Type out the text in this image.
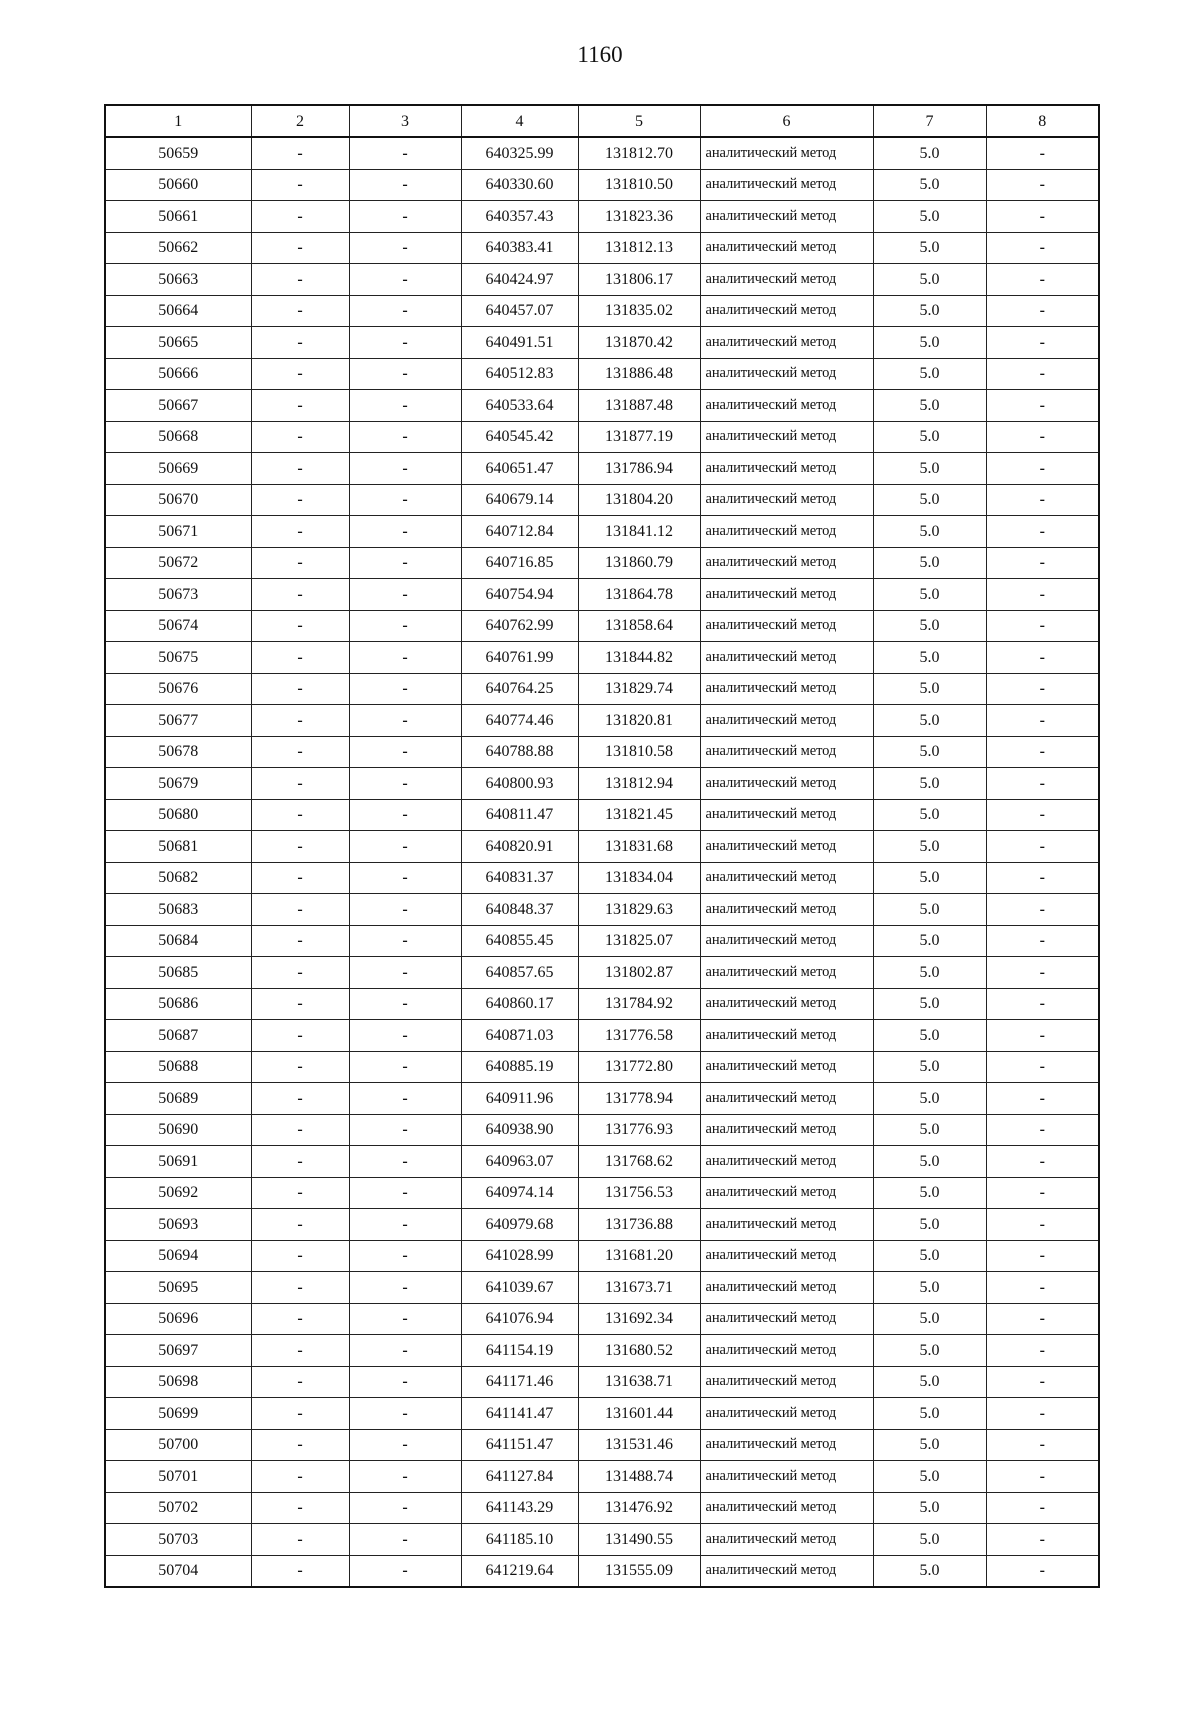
1160
1	2	3	4	5	6	7	8
50659	-	-	640325.99	131812.70	аналитический метод	5.0	-
50660	-	-	640330.60	131810.50	аналитический метод	5.0	-
50661	-	-	640357.43	131823.36	аналитический метод	5.0	-
50662	-	-	640383.41	131812.13	аналитический метод	5.0	-
50663	-	-	640424.97	131806.17	аналитический метод	5.0	-
50664	-	-	640457.07	131835.02	аналитический метод	5.0	-
50665	-	-	640491.51	131870.42	аналитический метод	5.0	-
50666	-	-	640512.83	131886.48	аналитический метод	5.0	-
50667	-	-	640533.64	131887.48	аналитический метод	5.0	-
50668	-	-	640545.42	131877.19	аналитический метод	5.0	-
50669	-	-	640651.47	131786.94	аналитический метод	5.0	-
50670	-	-	640679.14	131804.20	аналитический метод	5.0	-
50671	-	-	640712.84	131841.12	аналитический метод	5.0	-
50672	-	-	640716.85	131860.79	аналитический метод	5.0	-
50673	-	-	640754.94	131864.78	аналитический метод	5.0	-
50674	-	-	640762.99	131858.64	аналитический метод	5.0	-
50675	-	-	640761.99	131844.82	аналитический метод	5.0	-
50676	-	-	640764.25	131829.74	аналитический метод	5.0	-
50677	-	-	640774.46	131820.81	аналитический метод	5.0	-
50678	-	-	640788.88	131810.58	аналитический метод	5.0	-
50679	-	-	640800.93	131812.94	аналитический метод	5.0	-
50680	-	-	640811.47	131821.45	аналитический метод	5.0	-
50681	-	-	640820.91	131831.68	аналитический метод	5.0	-
50682	-	-	640831.37	131834.04	аналитический метод	5.0	-
50683	-	-	640848.37	131829.63	аналитический метод	5.0	-
50684	-	-	640855.45	131825.07	аналитический метод	5.0	-
50685	-	-	640857.65	131802.87	аналитический метод	5.0	-
50686	-	-	640860.17	131784.92	аналитический метод	5.0	-
50687	-	-	640871.03	131776.58	аналитический метод	5.0	-
50688	-	-	640885.19	131772.80	аналитический метод	5.0	-
50689	-	-	640911.96	131778.94	аналитический метод	5.0	-
50690	-	-	640938.90	131776.93	аналитический метод	5.0	-
50691	-	-	640963.07	131768.62	аналитический метод	5.0	-
50692	-	-	640974.14	131756.53	аналитический метод	5.0	-
50693	-	-	640979.68	131736.88	аналитический метод	5.0	-
50694	-	-	641028.99	131681.20	аналитический метод	5.0	-
50695	-	-	641039.67	131673.71	аналитический метод	5.0	-
50696	-	-	641076.94	131692.34	аналитический метод	5.0	-
50697	-	-	641154.19	131680.52	аналитический метод	5.0	-
50698	-	-	641171.46	131638.71	аналитический метод	5.0	-
50699	-	-	641141.47	131601.44	аналитический метод	5.0	-
50700	-	-	641151.47	131531.46	аналитический метод	5.0	-
50701	-	-	641127.84	131488.74	аналитический метод	5.0	-
50702	-	-	641143.29	131476.92	аналитический метод	5.0	-
50703	-	-	641185.10	131490.55	аналитический метод	5.0	-
50704	-	-	641219.64	131555.09	аналитический метод	5.0	-
